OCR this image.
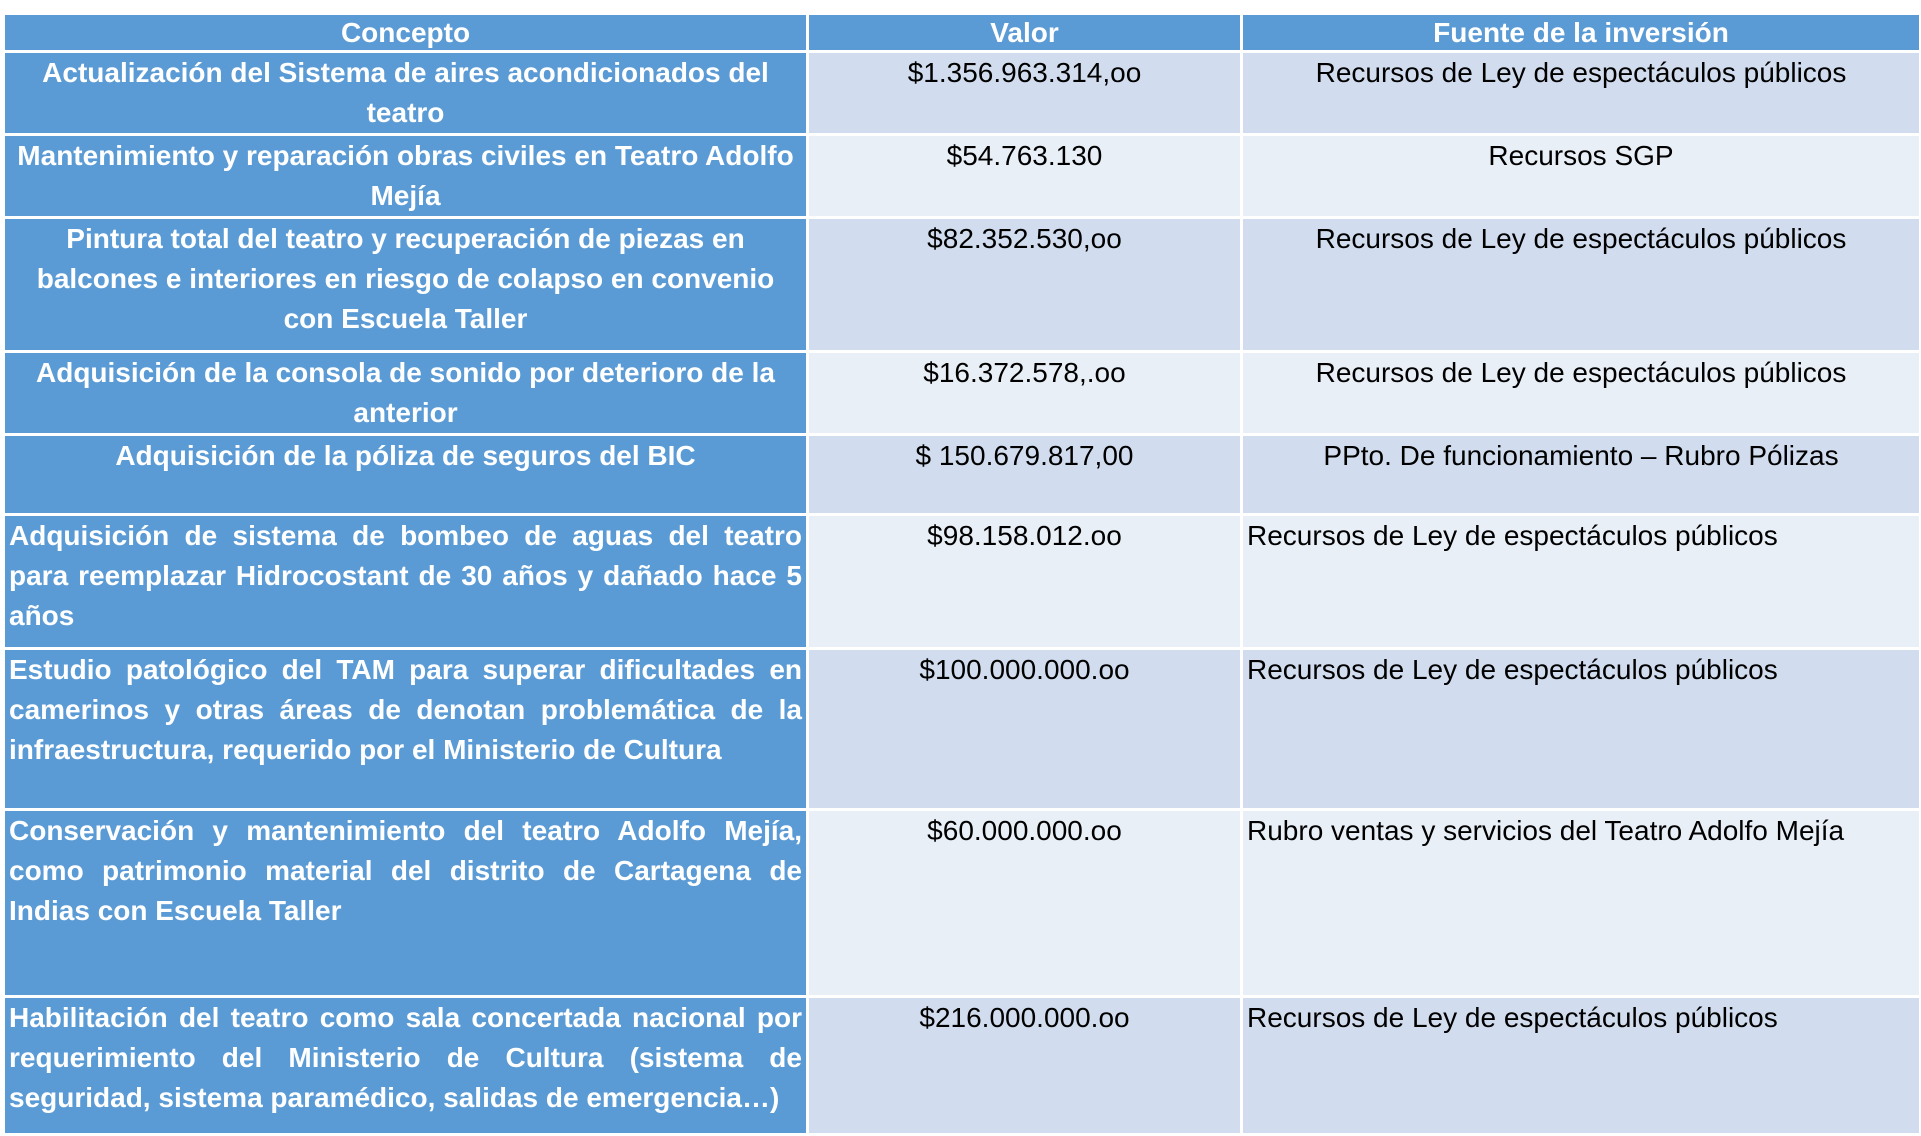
Concepto	Valor	Fuente de la inversión
Actualización del Sistema de aires acondicionados del teatro	$1.356.963.314,oo	Recursos de Ley de espectáculos públicos
Mantenimiento y reparación obras civiles en Teatro Adolfo Mejía	$54.763.130	Recursos SGP
Pintura total del teatro y recuperación de piezas en balcones e interiores en riesgo de colapso en convenio con Escuela Taller	$82.352.530,oo	Recursos de Ley de espectáculos públicos
Adquisición de la consola de sonido por deterioro de la anterior	$16.372.578,.oo	Recursos de Ley de espectáculos públicos
Adquisición de la póliza de seguros del BIC	$ 150.679.817,00	PPto. De funcionamiento – Rubro Pólizas
Adquisición de sistema de bombeo de aguas del teatro para reemplazar Hidrocostant de 30 años y dañado hace 5 años	$98.158.012.oo	Recursos de Ley de espectáculos públicos
Estudio patológico del TAM para superar dificultades en camerinos y otras áreas de denotan problemática de la infraestructura, requerido por el Ministerio de Cultura	$100.000.000.oo	Recursos de Ley de espectáculos públicos
Conservación y mantenimiento del teatro Adolfo Mejía, como patrimonio material del distrito de Cartagena de Indias con Escuela Taller	$60.000.000.oo	Rubro ventas y servicios del Teatro Adolfo Mejía
Habilitación del teatro como sala concertada nacional por requerimiento del Ministerio de Cultura (sistema de seguridad, sistema paramédico, salidas de emergencia…)	$216.000.000.oo	Recursos de Ley de espectáculos públicos
